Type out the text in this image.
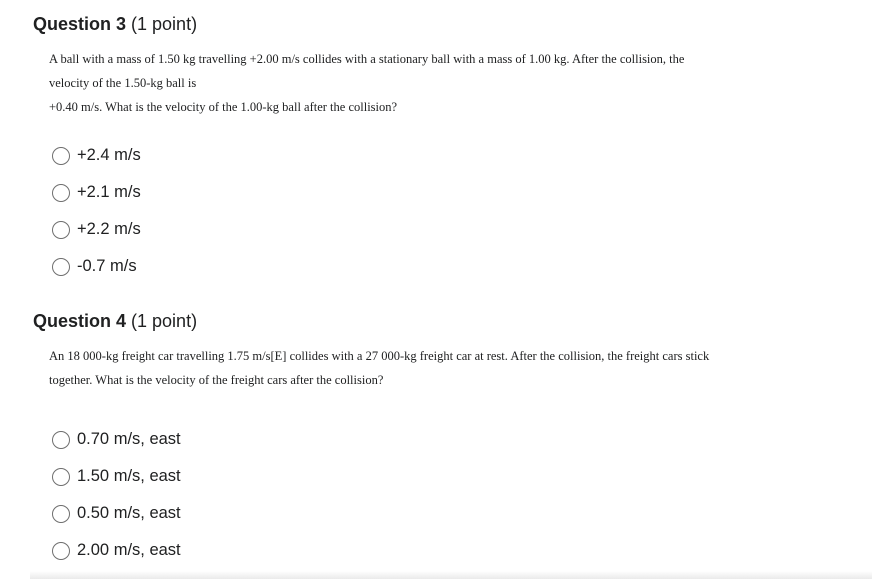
Question 3 (1 point)
A ball with a mass of 1.50 kg travelling +2.00 m/s collides with a stationary ball with a mass of 1.00 kg. After the collision, the
velocity of the 1.50-kg ball is
+0.40 m/s. What is the velocity of the 1.00-kg ball after the collision?
+2.4 m/s
+2.1 m/s
+2.2 m/s
-0.7 m/s
Question 4 (1 point)
An 18 000-kg freight car travelling 1.75 m/s[E] collides with a 27 000-kg freight car at rest. After the collision, the freight cars stick
together. What is the velocity of the freight cars after the collision?
0.70 m/s, east
1.50 m/s, east
0.50 m/s, east
2.00 m/s, east
